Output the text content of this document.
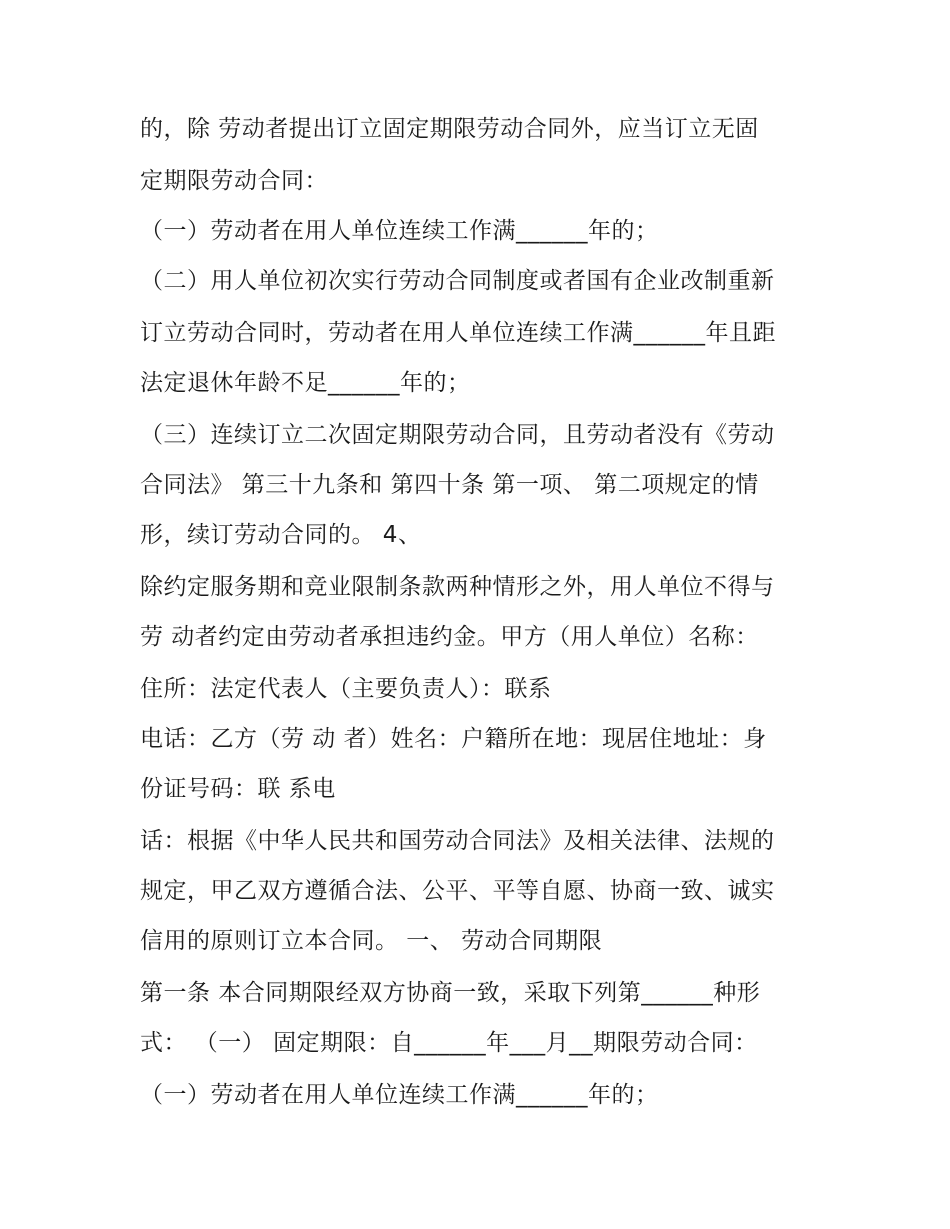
的，除 劳动者提出订立固定期限劳动合同外，应当订立无固
定期限劳动合同：
（一）劳动者在用人单位连续工作满______年的；
（二）用人单位初次实行劳动合同制度或者国有企业改制重新
订立劳动合同时，劳动者在用人单位连续工作满______年且距
法定退休年龄不足______年的；
（三）连续订立二次固定期限劳动合同，且劳动者没有《劳动
合同法》 第三十九条和 第四十条 第一项、 第二项规定的情
形，续订劳动合同的。 4、
除约定服务期和竞业限制条款两种情形之外，用人单位不得与
劳 动者约定由劳动者承担违约金。甲方（用人单位）名称：
住所：法定代表人（主要负责人）：联系
电话：乙方（劳 动 者）姓名：户籍所在地：现居住地址：身
份证号码：联 系电
话：根据《中华人民共和国劳动合同法》及相关法律、法规的
规定，甲乙双方遵循合法、公平、平等自愿、协商一致、诚实
信用的原则订立本合同。 一、 劳动合同期限
第一条 本合同期限经双方协商一致，采取下列第______种形
式： （一） 固定期限：自______年___月__期限劳动合同：
（一）劳动者在用人单位连续工作满______年的；
